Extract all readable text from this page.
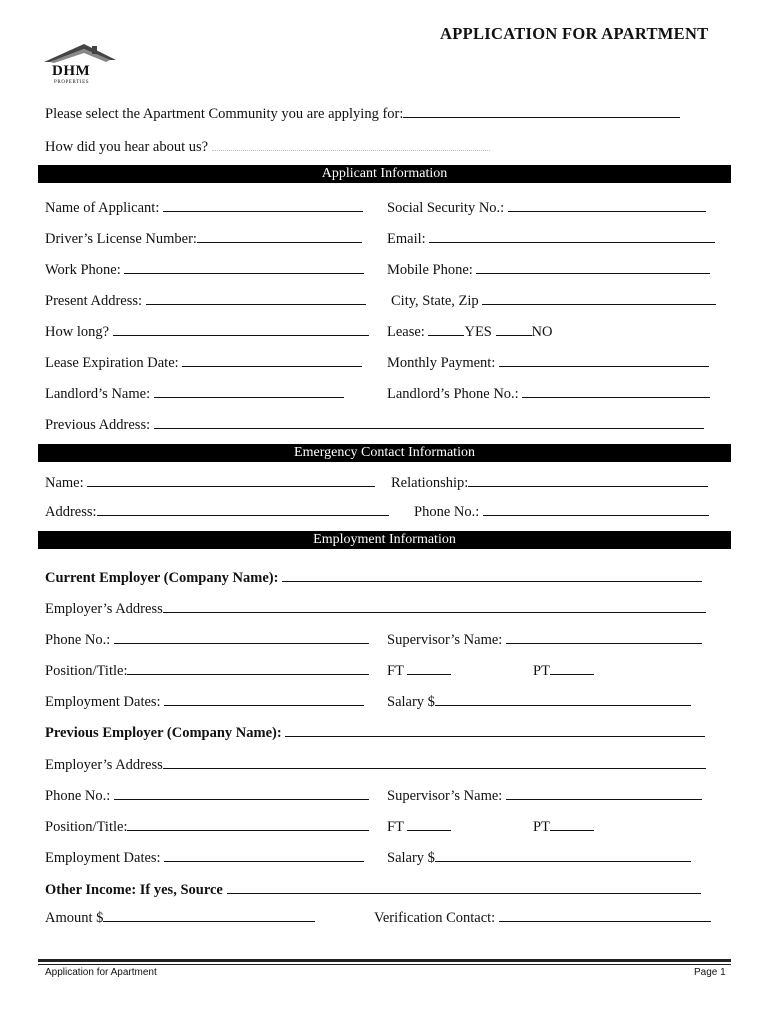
APPLICATION FOR APARTMENT
DHM
PROPERTIES
Please select the Apartment Community you are applying for:
How did you hear about us?
Applicant Information
Name of Applicant:	Social Security No.:
Driver’s License Number:	Email:
Work Phone:	Mobile Phone:
Present Address:	City, State, Zip
How long?	Lease:	YES	NO
Lease Expiration Date:	Monthly Payment:
Landlord’s Name:	Landlord’s Phone No.:
Previous Address:
Emergency Contact Information
Name:	Relationship:
Address:	Phone No.:
Employment Information
Current Employer (Company Name):
Employer’s Address
Phone No.:	Supervisor’s Name:
Position/Title:	FT	PT
Employment Dates:	Salary $
Previous Employer (Company Name):
Employer’s Address
Phone No.:	Supervisor’s Name:
Position/Title:	FT	PT
Employment Dates:	Salary $
Other Income: If yes, Source
Amount $	Verification Contact:
Application for Apartment	Page 1
